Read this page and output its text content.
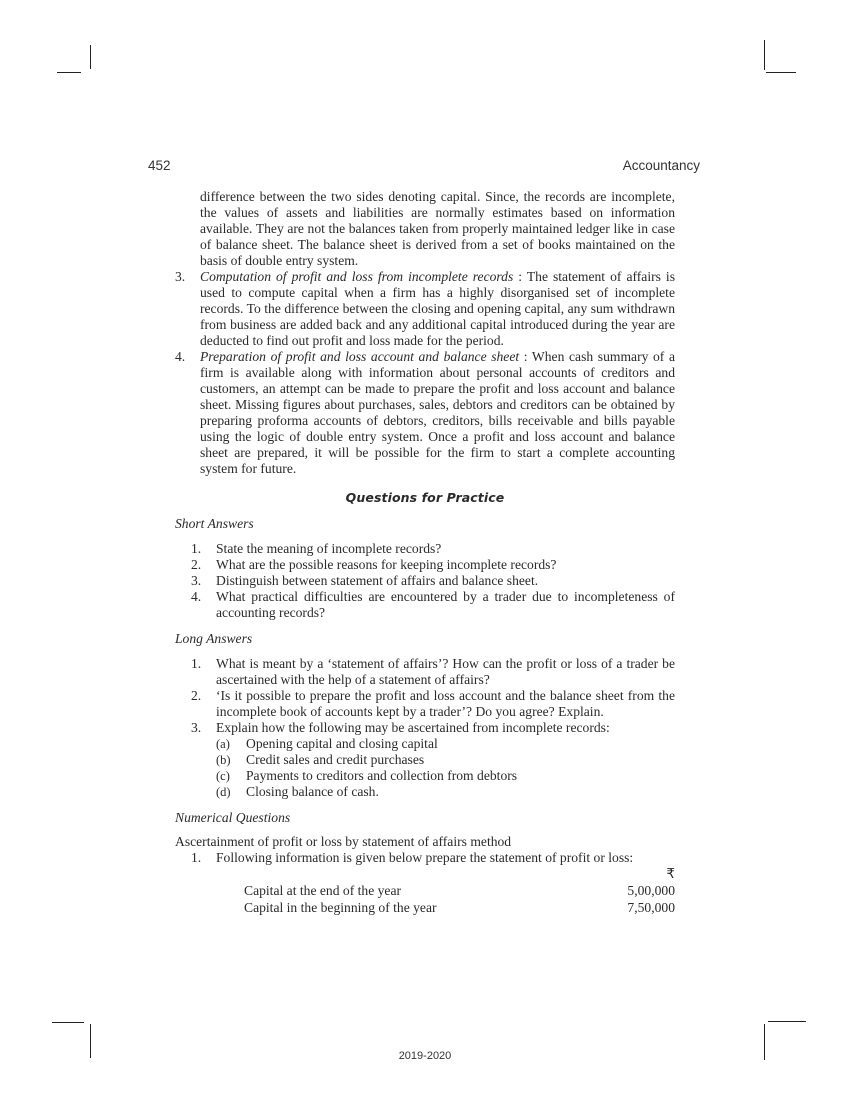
452	Accountancy
difference between the two sides denoting capital. Since, the records are incomplete, the values of assets and liabilities are normally estimates based on information available. They are not the balances taken from properly maintained ledger like in case of balance sheet. The balance sheet is derived from a set of books maintained on the basis of double entry system.
3. Computation of profit and loss from incomplete records : The statement of affairs is used to compute capital when a firm has a highly disorganised set of incomplete records. To the difference between the closing and opening capital, any sum withdrawn from business are added back and any additional capital introduced during the year are deducted to find out profit and loss made for the period.
4. Preparation of profit and loss account and balance sheet : When cash summary of a firm is available along with information about personal accounts of creditors and customers, an attempt can be made to prepare the profit and loss account and balance sheet. Missing figures about purchases, sales, debtors and creditors can be obtained by preparing proforma accounts of debtors, creditors, bills receivable and bills payable using the logic of double entry system. Once a profit and loss account and balance sheet are prepared, it will be possible for the firm to start a complete accounting system for future.
Questions for Practice
Short Answers
1. State the meaning of incomplete records?
2. What are the possible reasons for keeping incomplete records?
3. Distinguish between statement of affairs and balance sheet.
4. What practical difficulties are encountered by a trader due to incompleteness of accounting records?
Long Answers
1. What is meant by a ‘statement of affairs’? How can the profit or loss of a trader be ascertained with the help of a statement of affairs?
2. ‘Is it possible to prepare the profit and loss account and the balance sheet from the incomplete book of accounts kept by a trader’? Do you agree? Explain.
3. Explain how the following may be ascertained from incomplete records:
(a) Opening capital and closing capital
(b) Credit sales and credit purchases
(c) Payments to creditors and collection from debtors
(d) Closing balance of cash.
Numerical Questions
Ascertainment of profit or loss by statement of affairs method
1. Following information is given below prepare the statement of profit or loss:
₹
Capital at the end of the year	5,00,000
Capital in the beginning of the year	7,50,000
2019-2020
